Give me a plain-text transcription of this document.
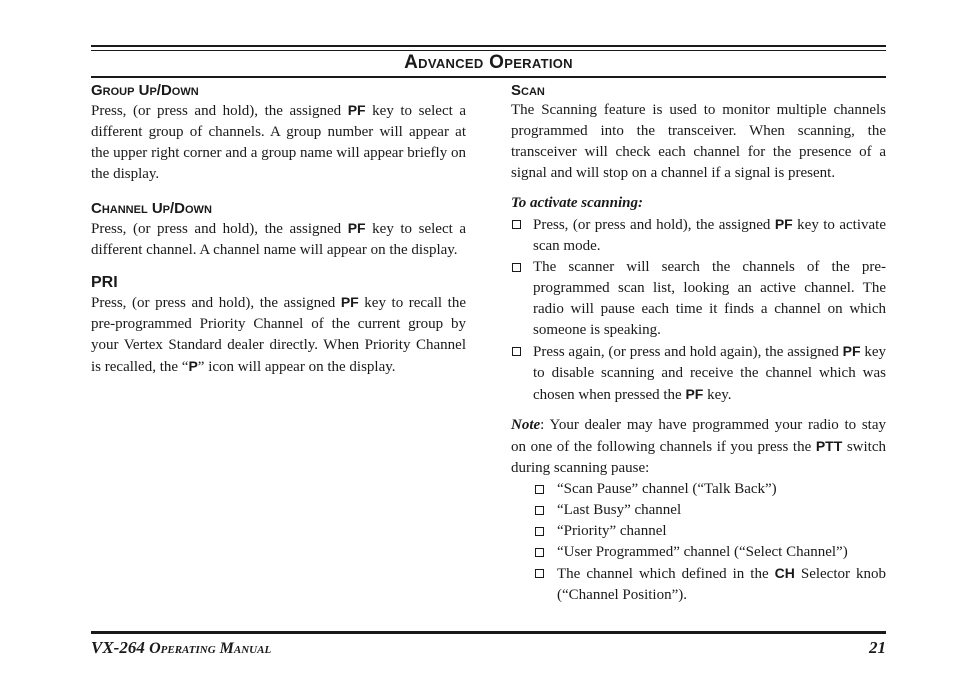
Advanced Operation
Group Up/Down

Press, (or press and hold), the assigned PF key to select a different group of channels. A group number will appear at the upper right corner and a group name will appear briefly on the display.

Channel Up/Down

Press, (or press and hold), the assigned PF key to select a different channel. A channel name will appear on the display.

PRI

Press, (or press and hold), the assigned PF key to recall the pre-programmed Priority Channel of the current group by your Vertex Standard dealer directly. When Priority Channel is recalled, the “P” icon will appear on the display.

Scan

The Scanning feature is used to monitor multiple channels programmed into the transceiver. When scanning, the transceiver will check each channel for the presence of a signal and will stop on a channel if a signal is present.

To activate scanning:

Press, (or press and hold), the assigned PF key to activate scan mode.

The scanner will search the channels of the pre-programmed scan list, looking an active channel. The radio will pause each time it finds a channel on which someone is speaking.

Press again, (or press and hold again), the assigned PF key to disable scanning and receive the channel which was chosen when pressed the PF key.

Note: Your dealer may have programmed your radio to stay on one of the following channels if you press the PTT switch during scanning pause:

“Scan Pause” channel (“Talk Back”)

“Last Busy” channel

“Priority” channel

“User Programmed” channel (“Select Channel”)

The channel which defined in the CH Selector knob (“Channel Position”).

VX-264 Operating Manual	21
